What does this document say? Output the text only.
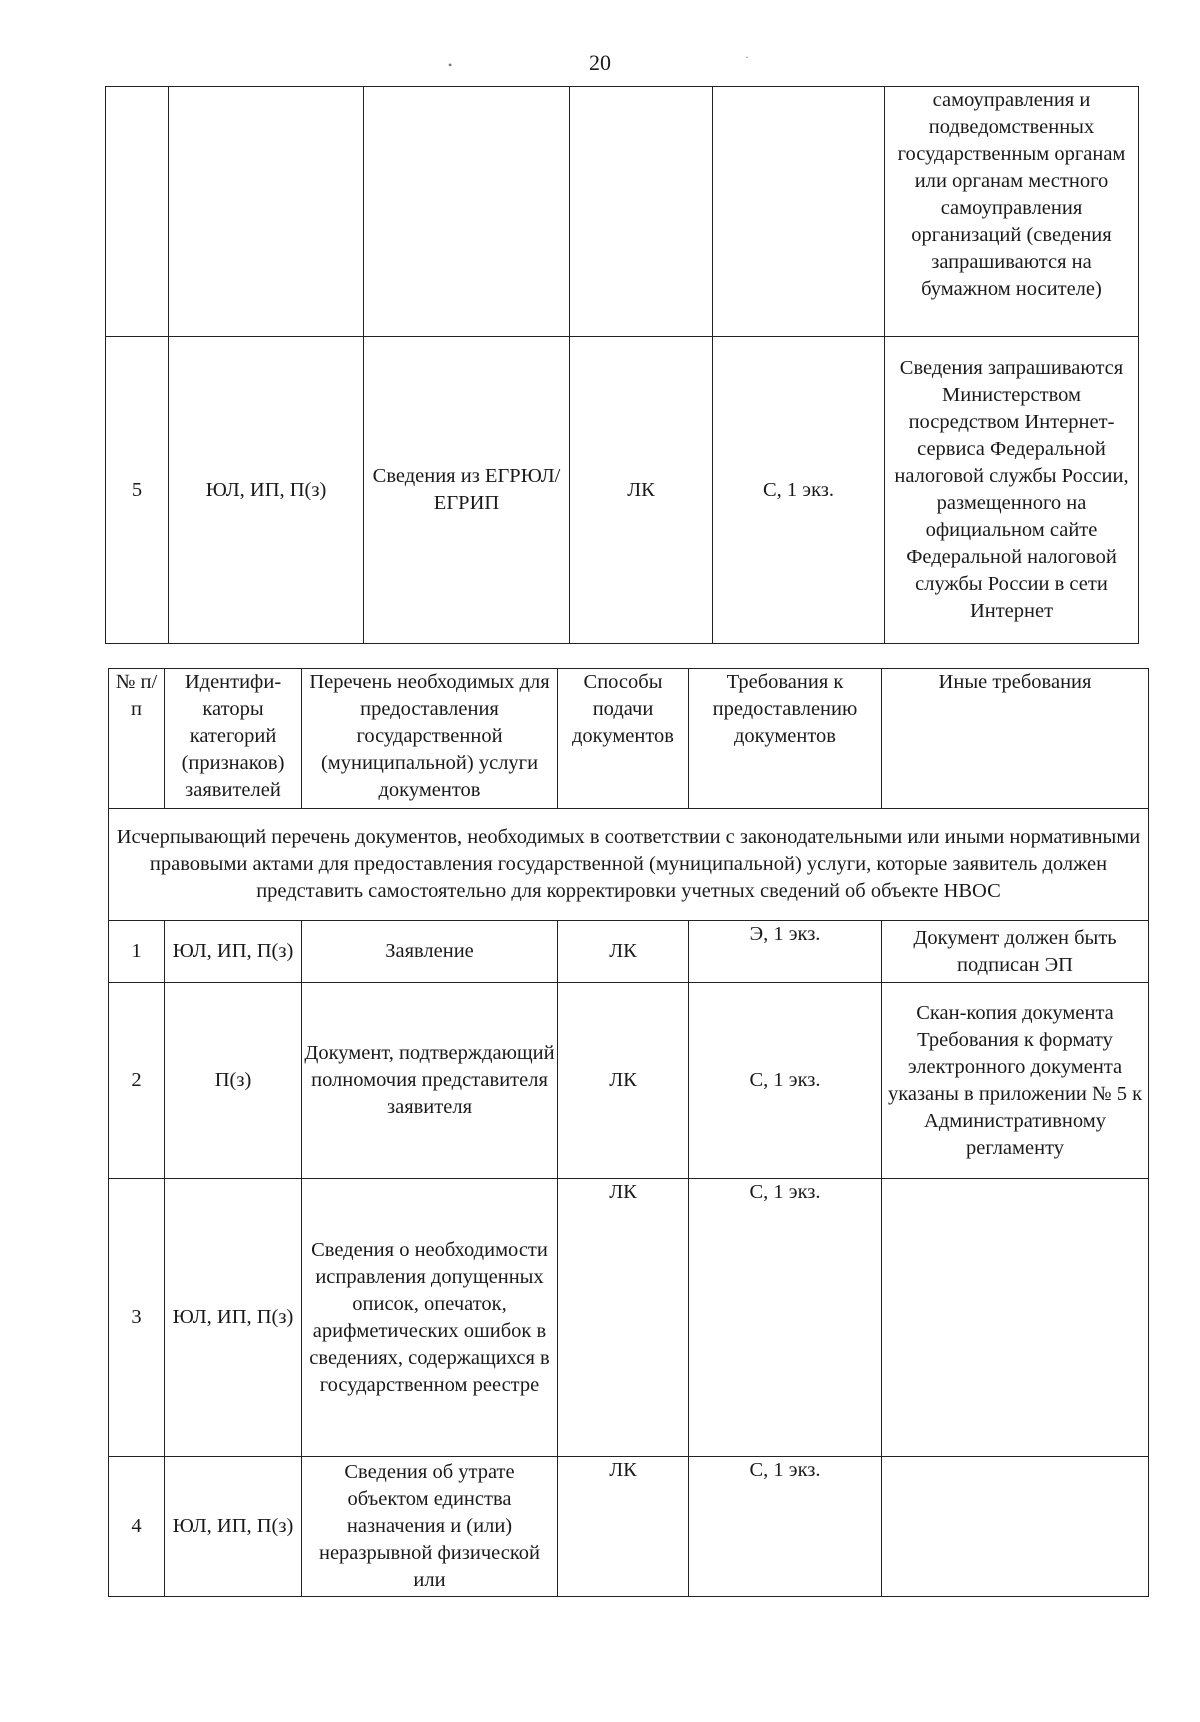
20
•
·
					самоуправления и подведомственных государственным органам или органам местного самоуправления организаций (сведения запрашиваются на бумажном носителе)
5	ЮЛ, ИП, П(з)	Сведения из ЕГРЮЛ/ЕГРИП	ЛК	С, 1 экз.	Сведения запрашиваются Министерством посредством Интернет-сервиса Федеральной налоговой службы России, размещенного на официальном сайте Федеральной налоговой службы России в сети Интернет
№ п/п	Идентифи-каторы категорий (признаков) заявителей	Перечень необходимых для предоставления государственной (муниципальной) услуги документов	Способы подачи документов	Требования к предоставлению документов	Иные требования
Исчерпывающий перечень документов, необходимых в соответствии с законодательными или иными нормативными правовыми актами для предоставления государственной (муниципальной) услуги, которые заявитель должен представить самостоятельно для корректировки учетных сведений об объекте НВОС					
1	ЮЛ, ИП, П(з)	Заявление	ЛК	Э, 1 экз.	Документ должен быть подписан ЭП
2	П(з)	Документ, подтверждающий полномочия представителя заявителя	ЛК	С, 1 экз.	Скан-копия документа Требования к формату электронного документа указаны в приложении № 5 к Административному регламенту
3	ЮЛ, ИП, П(з)	Сведения о необходимости исправления допущенных описок, опечаток, арифметических ошибок в сведениях, содержащихся в государственном реестре	ЛК	С, 1 экз.	
4	ЮЛ, ИП, П(з)	Сведения об утрате объектом единства назначения и (или) неразрывной физической или	ЛК	С, 1 экз.	
